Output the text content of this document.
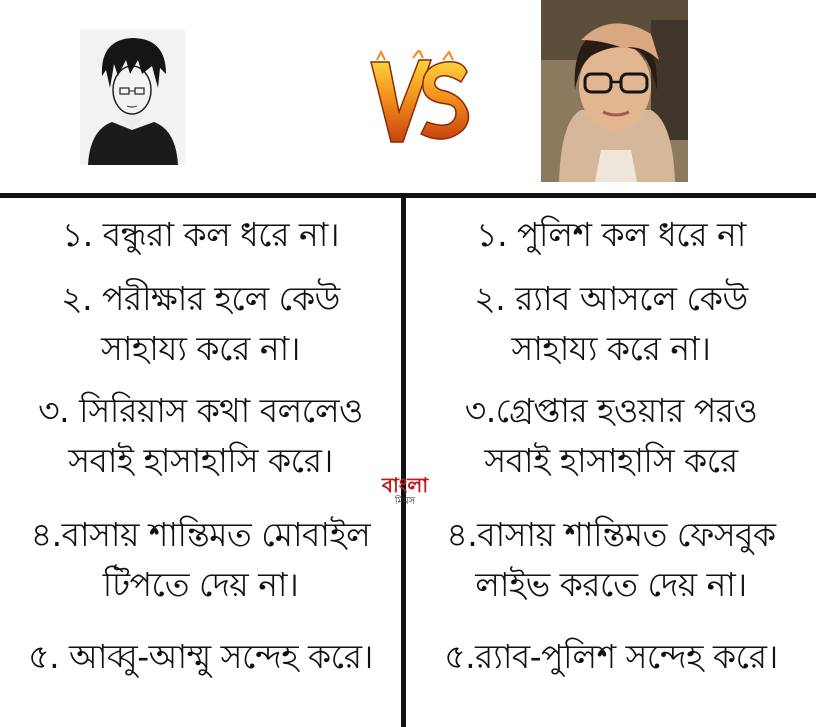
১. বন্ধুরা কল ধরে না।
২. পরীক্ষার হলে কেউ
সাহায্য করে না।
৩. সিরিয়াস কথা বললেও
সবাই হাসাহাসি করে।
৪.বাসায় শান্তিমত মোবাইল
টিপতে দেয় না।
৫. আব্বু-আম্মু সন্দেহ করে।
১. পুলিশ কল ধরে না
২. র‍্যাব আসলে কেউ
সাহায্য করে না।
৩.গ্রেপ্তার হওয়ার পরও
সবাই হাসাহাসি করে
৪.বাসায় শান্তিমত ফেসবুক
লাইভ করতে দেয় না।
৫.র‍্যাব-পুলিশ সন্দেহ করে।
বাংলা
মিমস
